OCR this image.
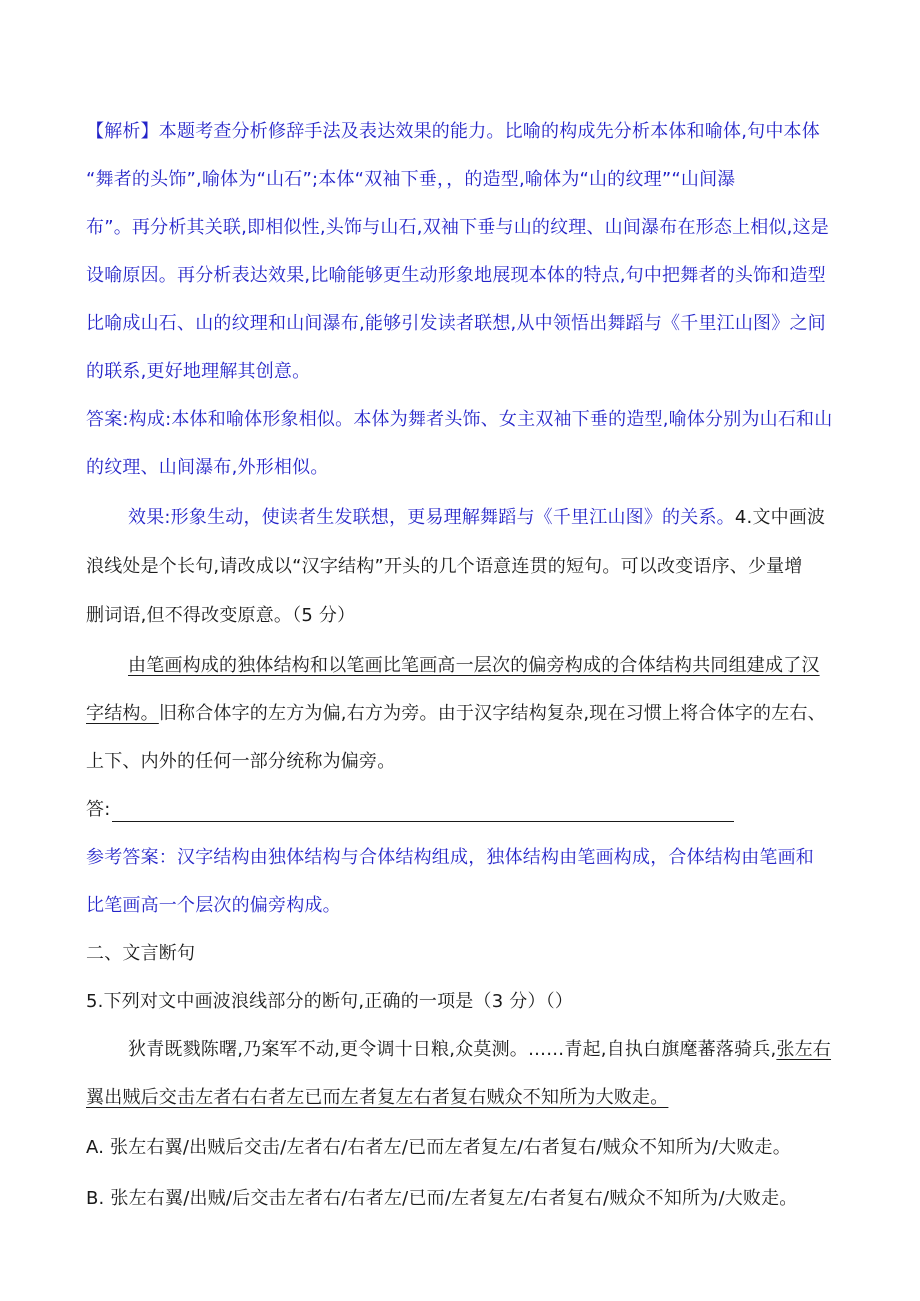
【解析】本题考查分析修辞手法及表达效果的能力。比喻的构成先分析本体和喻体,句中本体
“舞者的头饰”,喻体为“山石”;本体“双袖下垂，，的造型,喻体为“山的纹理”“山间瀑
布”。再分析其关联,即相似性,头饰与山石,双袖下垂与山的纹理、山间瀑布在形态上相似,这是
设喻原因。再分析表达效果,比喻能够更生动形象地展现本体的特点,句中把舞者的头饰和造型
比喻成山石、山的纹理和山间瀑布,能够引发读者联想,从中领悟出舞蹈与《千里江山图》之间
的联系,更好地理解其创意。
答案:构成:本体和喻体形象相似。本体为舞者头饰、女主双袖下垂的造型,喻体分别为山石和山
的纹理、山间瀑布,外形相似。
效果:形象生动，使读者生发联想，更易理解舞蹈与《千里江山图》的关系。4.文中画波
浪线处是个长句,请改成以“汉字结构”开头的几个语意连贯的短句。可以改变语序、少量增
删词语,但不得改变原意。（5 分）
由笔画构成的独体结构和以笔画比笔画高一层次的偏旁构成的合体结构共同组建成了汉
字结构。旧称合体字的左方为偏,右方为旁。由于汉字结构复杂,现在习惯上将合体字的左右、
上下、内外的任何一部分统称为偏旁。
答:
参考答案：汉字结构由独体结构与合体结构组成，独体结构由笔画构成，合体结构由笔画和
比笔画高一个层次的偏旁构成。
二、文言断句
5.下列对文中画波浪线部分的断句,正确的一项是（3 分）（）
狄青既戮陈曙,乃案军不动,更令调十日粮,众莫测。……青起,自执白旗麾蕃落骑兵,张左右
翼出贼后交击左者右右者左已而左者复左右者复右贼众不知所为大败走。
A. 张左右翼/出贼后交击/左者右/右者左/已而左者复左/右者复右/贼众不知所为/大败走。
B. 张左右翼/出贼/后交击左者右/右者左/已而/左者复左/右者复右/贼众不知所为/大败走。
